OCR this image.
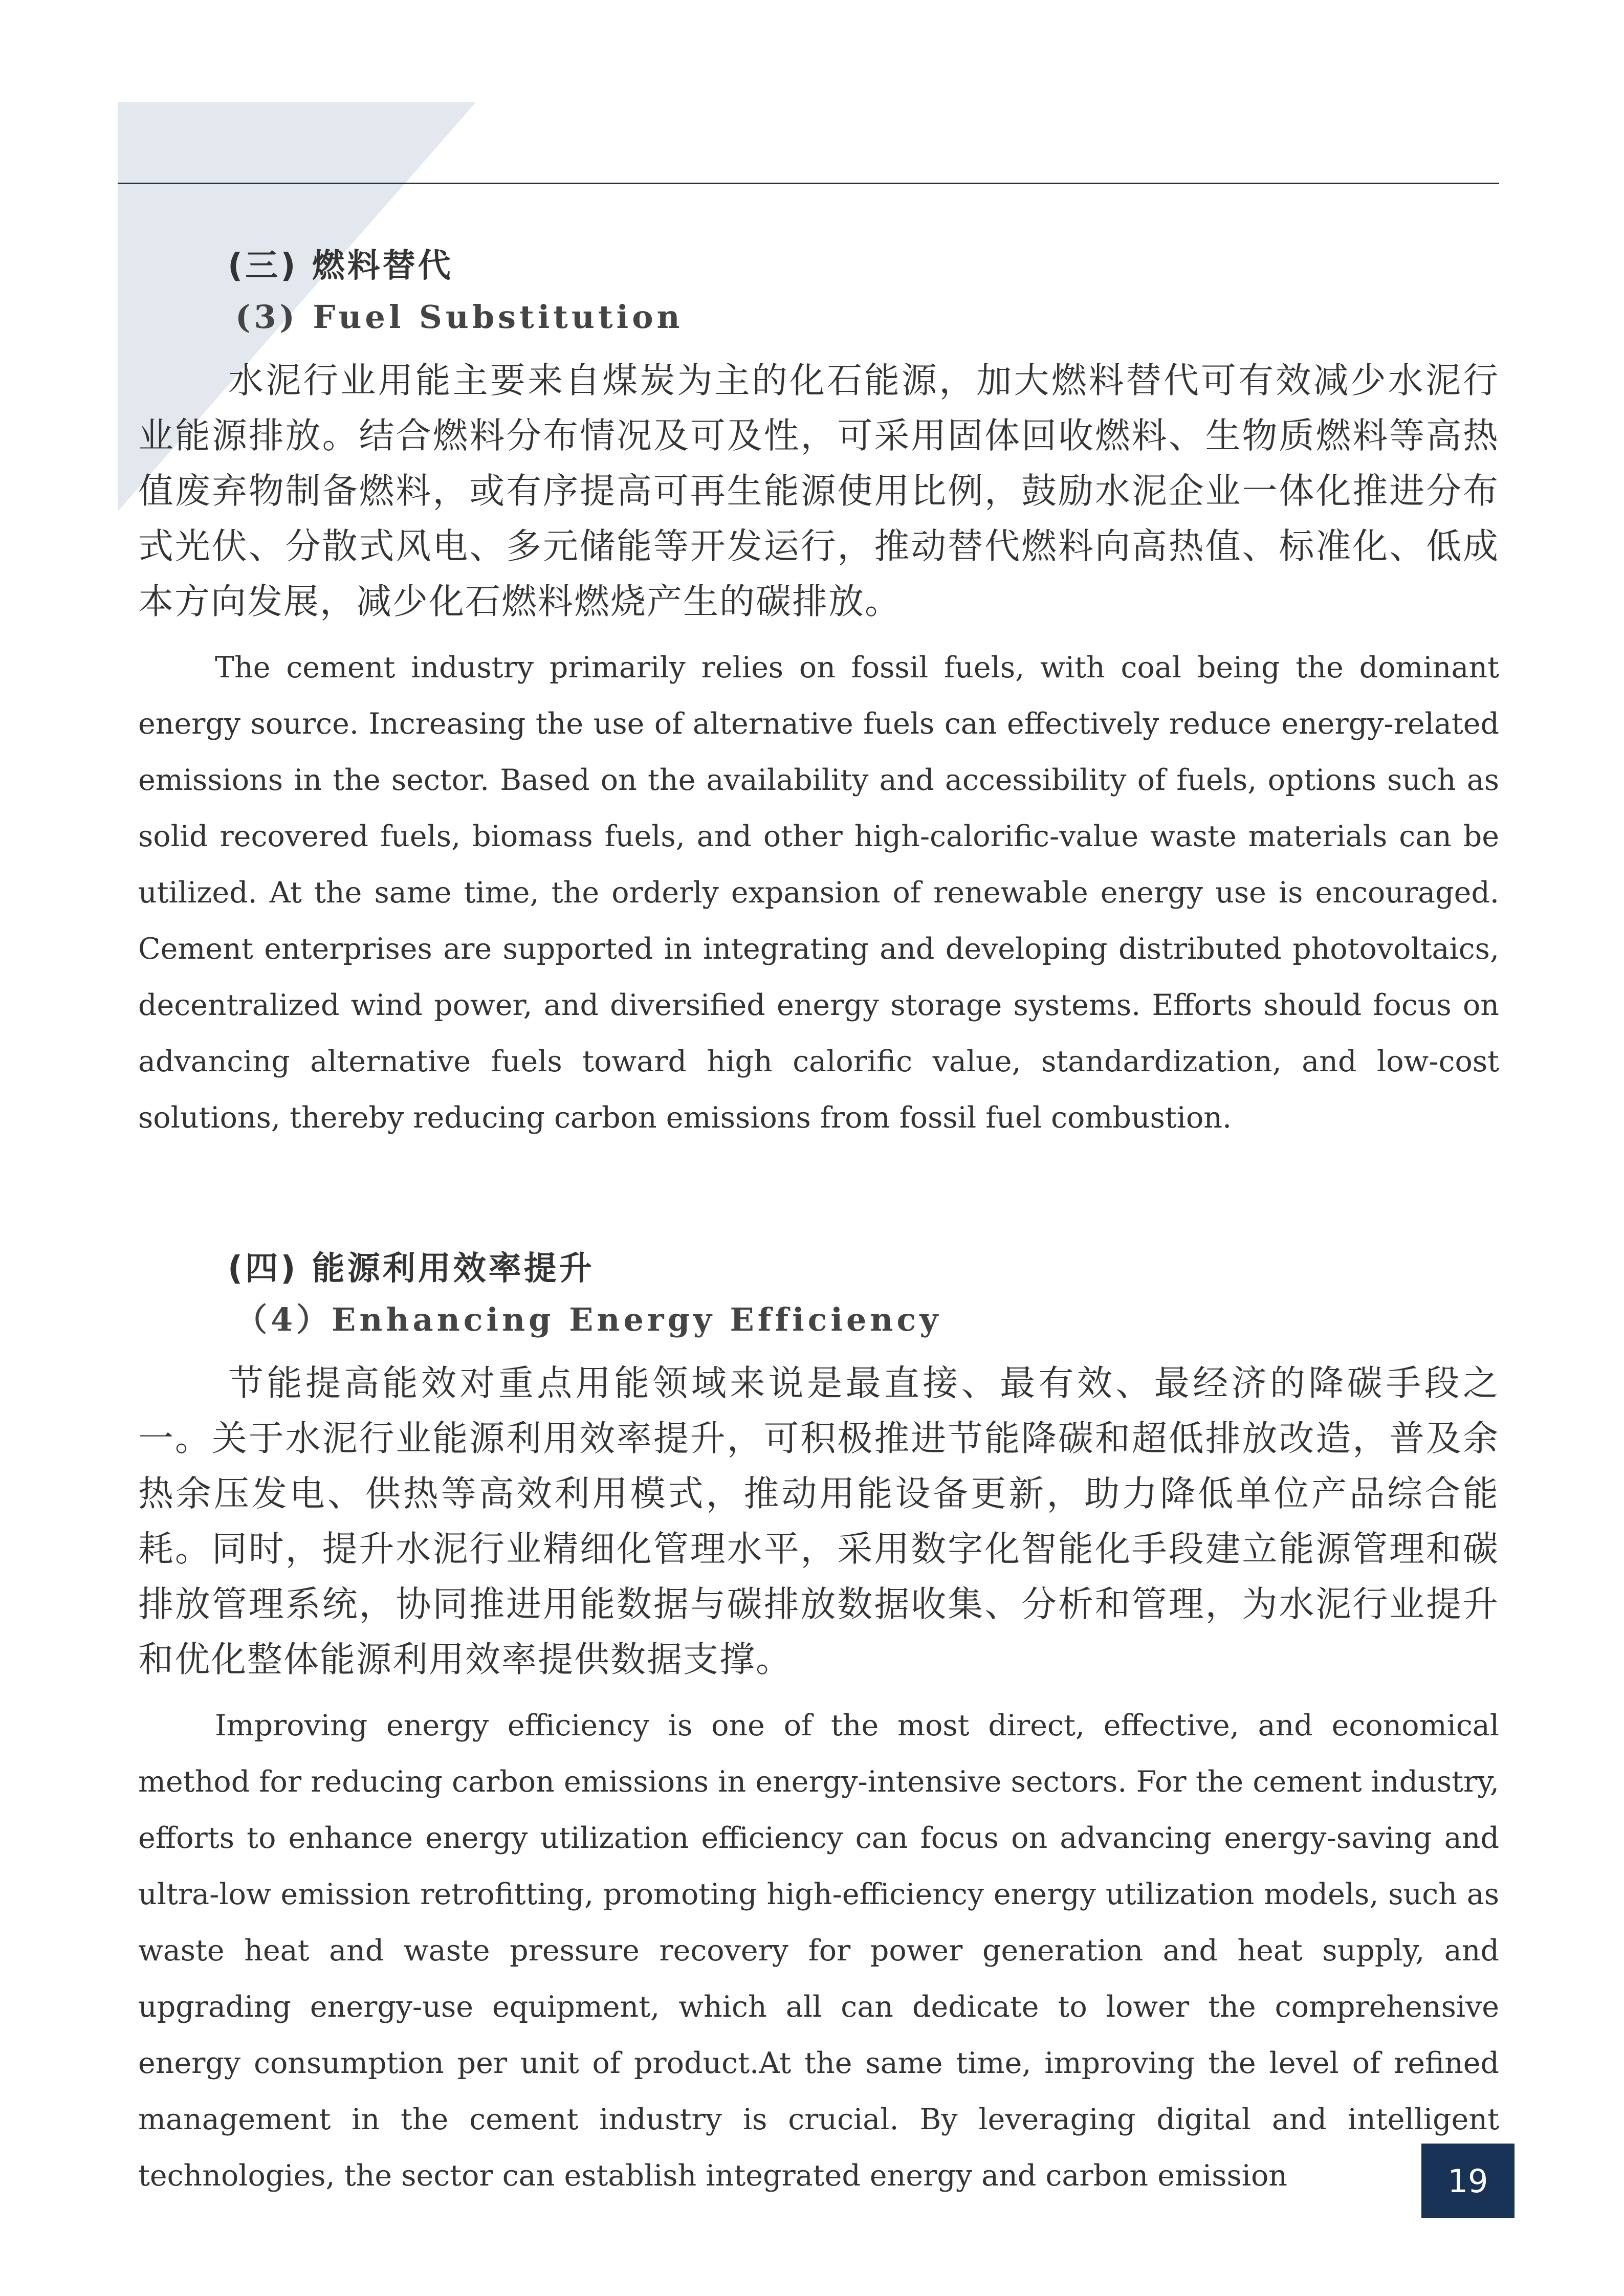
(三) 燃料替代
(3) Fuel Substitution

水泥行业用能主要来自煤炭为主的化石能源，加大燃料替代可有效减少水泥行业能源排放。结合燃料分布情况及可及性，可采用固体回收燃料、生物质燃料等高热值废弃物制备燃料，或有序提高可再生能源使用比例，鼓励水泥企业一体化推进分布式光伏、分散式风电、多元储能等开发运行，推动替代燃料向高热值、标准化、低成本方向发展，减少化石燃料燃烧产生的碳排放。

The cement industry primarily relies on fossil fuels, with coal being the dominant energy source. Increasing the use of alternative fuels can effectively reduce energy-related emissions in the sector. Based on the availability and accessibility of fuels, options such as solid recovered fuels, biomass fuels, and other high-calorific-value waste materials can be utilized. At the same time, the orderly expansion of renewable energy use is encouraged. Cement enterprises are supported in integrating and developing distributed photovoltaics, decentralized wind power, and diversified energy storage systems. Efforts should focus on advancing alternative fuels toward high calorific value, standardization, and low-cost solutions, thereby reducing carbon emissions from fossil fuel combustion.

(四) 能源利用效率提升
（4）Enhancing Energy Efficiency

节能提高能效对重点用能领域来说是最直接、最有效、最经济的降碳手段之一。关于水泥行业能源利用效率提升，可积极推进节能降碳和超低排放改造，普及余热余压发电、供热等高效利用模式，推动用能设备更新，助力降低单位产品综合能耗。同时，提升水泥行业精细化管理水平，采用数字化智能化手段建立能源管理和碳排放管理系统，协同推进用能数据与碳排放数据收集、分析和管理，为水泥行业提升和优化整体能源利用效率提供数据支撑。

Improving energy efficiency is one of the most direct, effective, and economical method for reducing carbon emissions in energy-intensive sectors. For the cement industry, efforts to enhance energy utilization efficiency can focus on advancing energy-saving and ultra-low emission retrofitting, promoting high-efficiency energy utilization models, such as waste heat and waste pressure recovery for power generation and heat supply, and upgrading energy-use equipment, which all can dedicate to lower the comprehensive energy consumption per unit of product.At the same time, improving the level of refined management in the cement industry is crucial. By leveraging digital and intelligent technologies, the sector can establish integrated energy and carbon emission	19
